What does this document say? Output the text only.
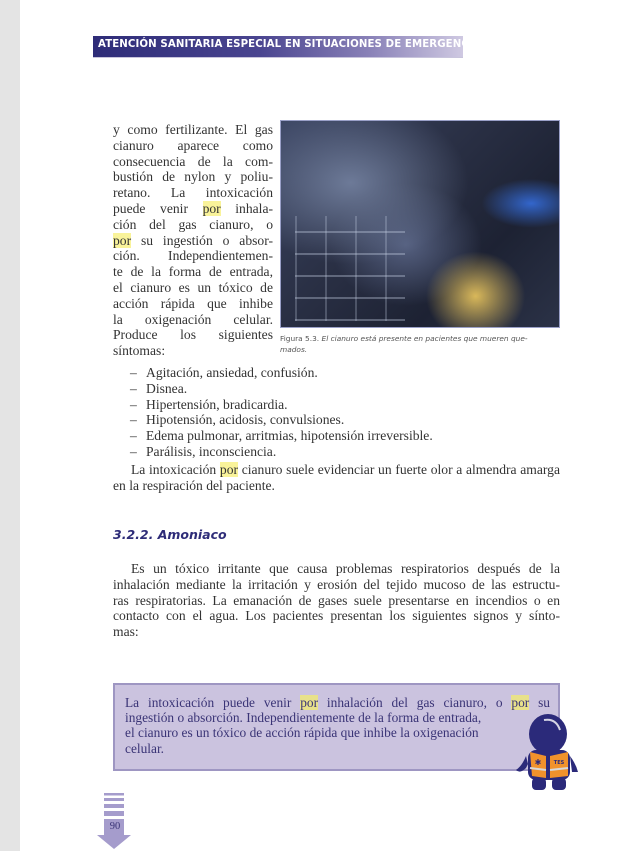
ATENCIÓN SANITARIA ESPECIAL EN SITUACIONES DE EMERGENCIA
y como fertilizante. El gas
cianuro aparece como
consecuencia de la com-
bustión de nylon y poliu-
retano. La intoxicación
puede venir por inhala-
ción del gas cianuro, o
por su ingestión o absor-
ción. Independientemen-
te de la forma de entrada,
el cianuro es un tóxico de
acción rápida que inhibe
la oxigenación celular.
Produce los siguientes
síntomas:
Figura 5.3. El cianuro está presente en pacientes que mueren que-
mados.
– Agitación, ansiedad, confusión.
– Disnea.
– Hipertensión, bradicardia.
– Hipotensión, acidosis, convulsiones.
– Edema pulmonar, arritmias, hipotensión irreversible.
– Parálisis, inconsciencia.
La intoxicación por cianuro suele evidenciar un fuerte olor a almendra amarga en la respiración del paciente.
3.2.2. Amoniaco
Es un tóxico irritante que causa problemas respiratorios después de la
inhalación mediante la irritación y erosión del tejido mucoso de las estructu-
ras respiratorias. La emanación de gases suele presentarse en incendios o en
contacto con el agua. Los pacientes presentan los siguientes signos y sínto-
mas:
La intoxicación puede venir por inhalación del gas cianuro, o por su
ingestión o absorción. Independientemente de la forma de entrada,
el cianuro es un tóxico de acción rápida que inhibe la oxigenación
celular.
✱ TES
90
